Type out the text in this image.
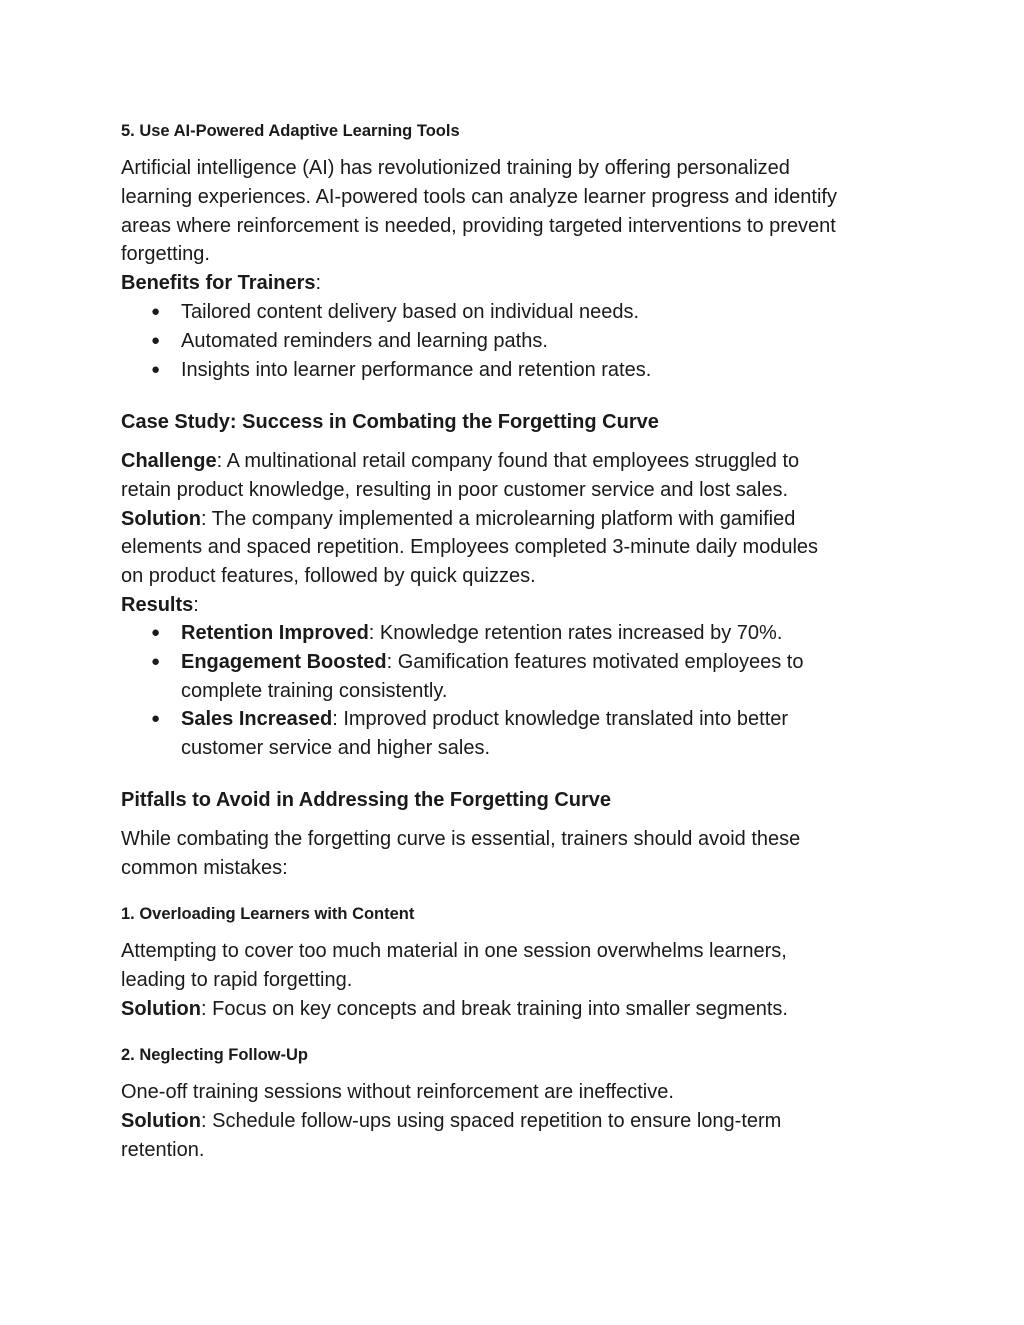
5. Use AI-Powered Adaptive Learning Tools
Artificial intelligence (AI) has revolutionized training by offering personalized
learning experiences. AI-powered tools can analyze learner progress and identify
areas where reinforcement is needed, providing targeted interventions to prevent
forgetting.
Benefits for Trainers:
● Tailored content delivery based on individual needs.
● Automated reminders and learning paths.
● Insights into learner performance and retention rates.
Case Study: Success in Combating the Forgetting Curve
Challenge: A multinational retail company found that employees struggled to
retain product knowledge, resulting in poor customer service and lost sales.
Solution: The company implemented a microlearning platform with gamified
elements and spaced repetition. Employees completed 3-minute daily modules
on product features, followed by quick quizzes.
Results:
● Retention Improved: Knowledge retention rates increased by 70%.
● Engagement Boosted: Gamification features motivated employees to
complete training consistently.
● Sales Increased: Improved product knowledge translated into better
customer service and higher sales.
Pitfalls to Avoid in Addressing the Forgetting Curve
While combating the forgetting curve is essential, trainers should avoid these
common mistakes:
1. Overloading Learners with Content
Attempting to cover too much material in one session overwhelms learners,
leading to rapid forgetting.
Solution: Focus on key concepts and break training into smaller segments.
2. Neglecting Follow-Up
One-off training sessions without reinforcement are ineffective.
Solution: Schedule follow-ups using spaced repetition to ensure long-term
retention.
